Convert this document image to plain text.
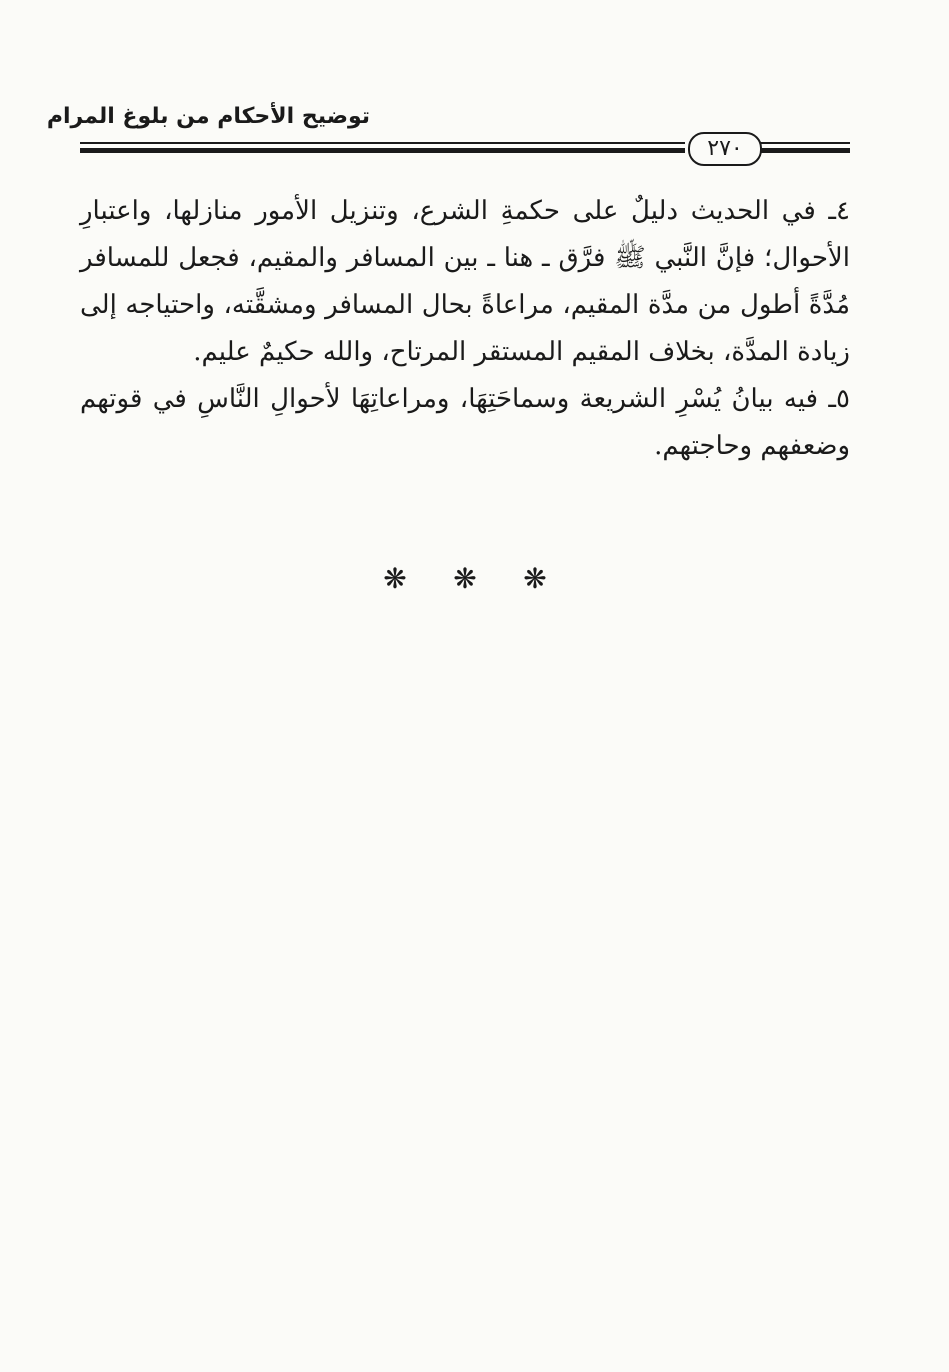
توضيح الأحكام من بلوغ المرام
٢٧٠

٤ـ في الحديث دليلٌ على حكمةِ الشرع، وتنزيل الأمور منازلها، واعتبارِ الأحوال؛ فإنَّ النَّبي ﷺ فرَّق ـ هنا ـ بين المسافر والمقيم، فجعل للمسافر مُدَّةً أطول من مدَّة المقيم، مراعاةً بحال المسافر ومشقَّته، واحتياجه إلى زيادة المدَّة، بخلاف المقيم المستقر المرتاح، والله حكيمٌ عليم.

٥ـ فيه بيانُ يُسْرِ الشريعة وسماحَتِهَا، ومراعاتِهَا لأحوالِ النَّاسِ في قوتهم وضعفهم وحاجتهم.

❋ ❋ ❋
